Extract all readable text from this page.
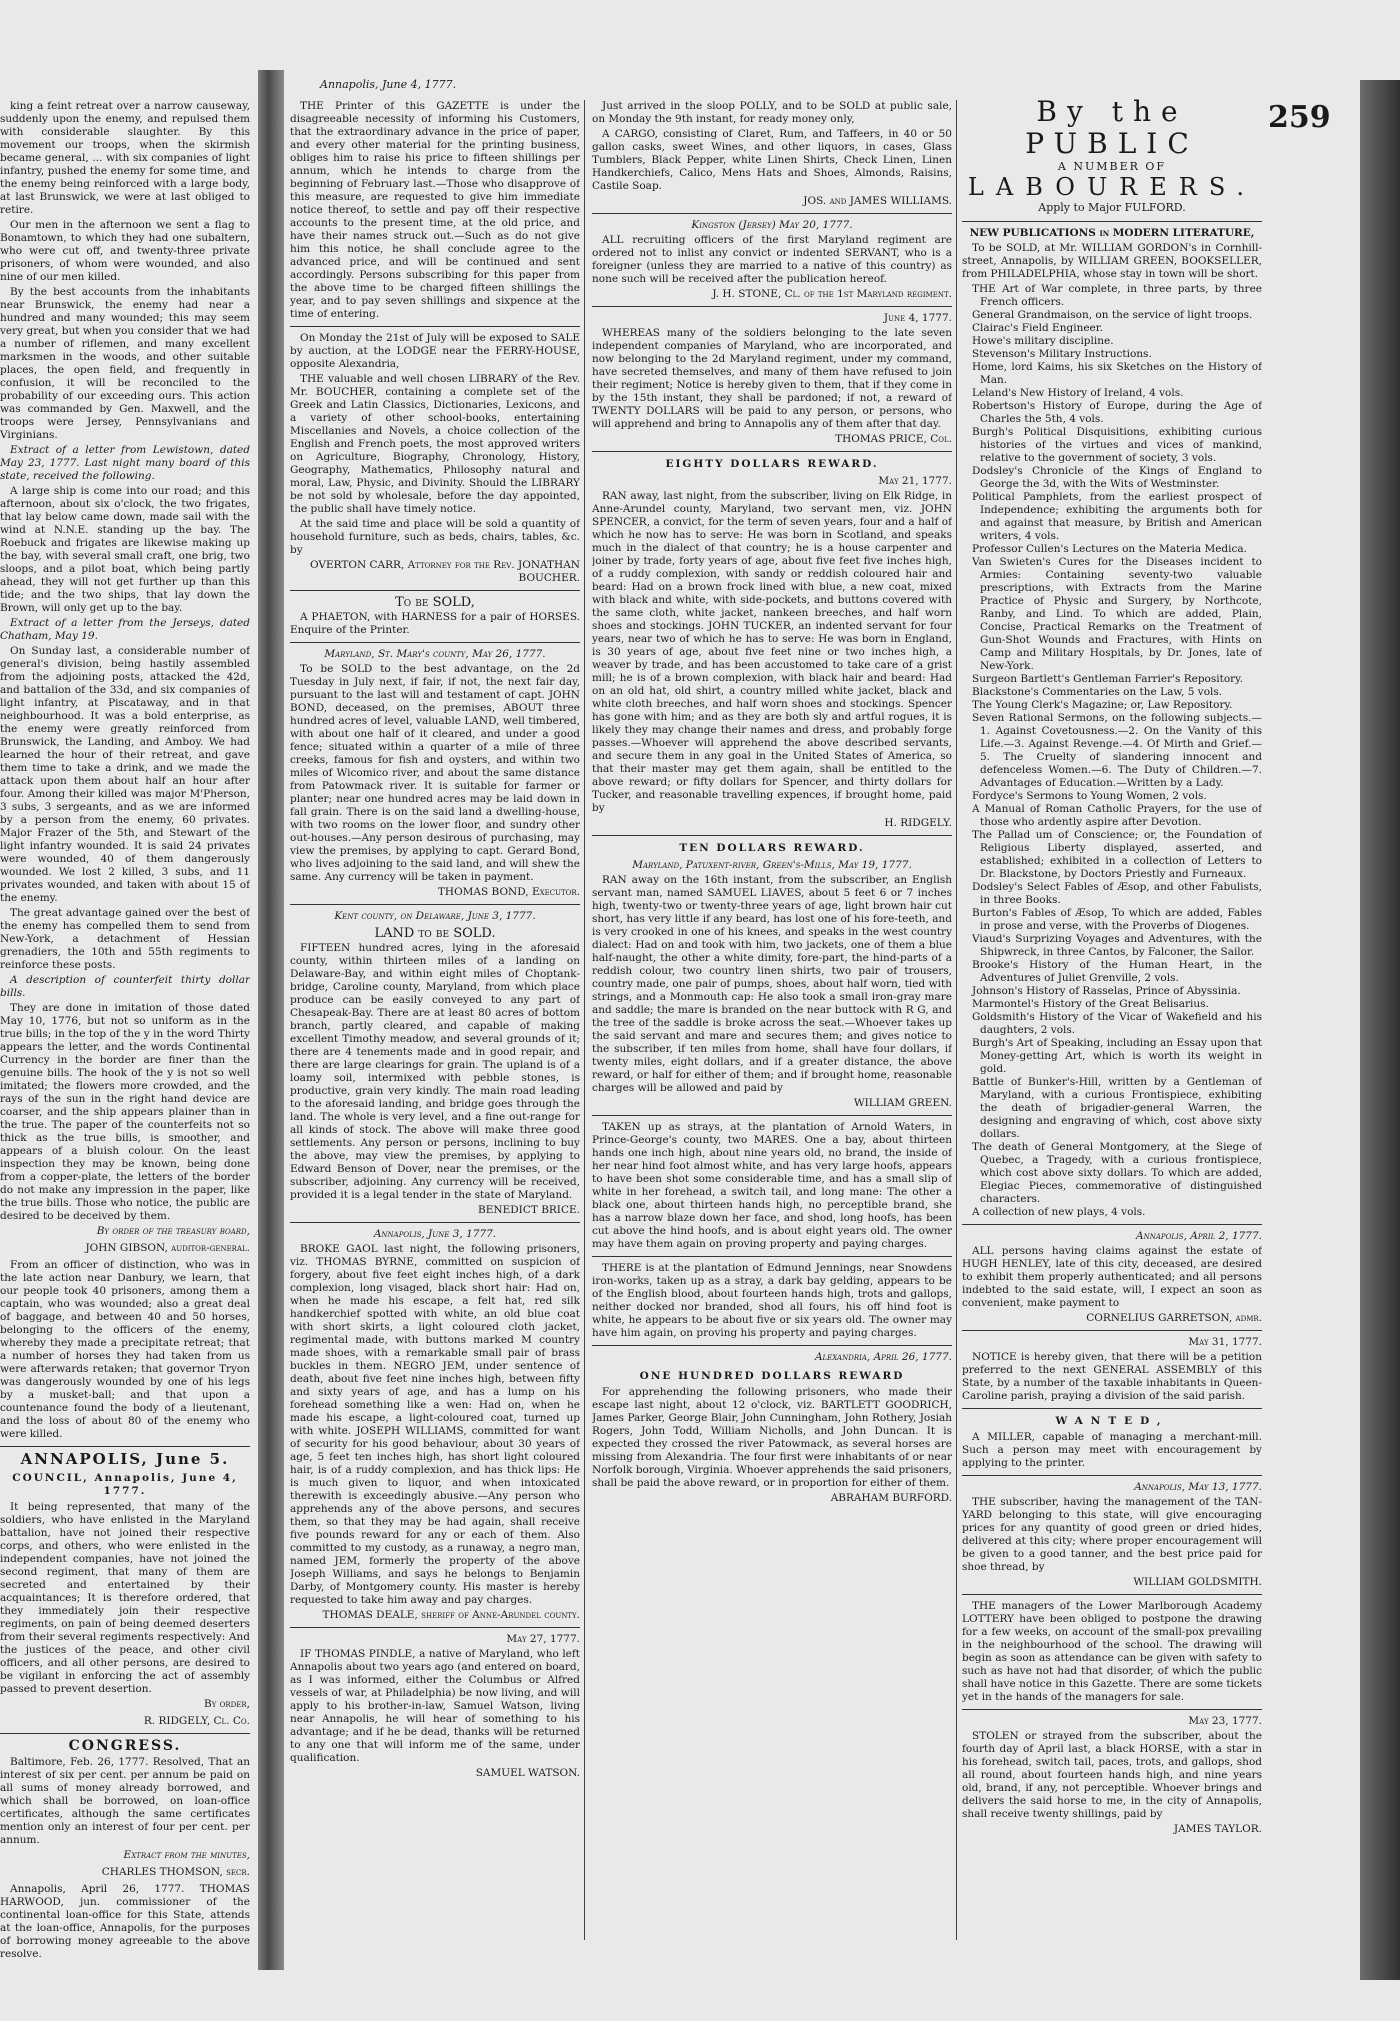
Annapolis, June 4, 1777.
259

king a feint retreat over a narrow causeway, suddenly upon the enemy, and repulsed them with considerable slaughter. By this movement our troops, when the skirmish became general, ... with six companies of light infantry, pushed the enemy for some time, and the enemy being reinforced with a large body, at last Brunswick, we were at last obliged to retire.

Our men in the afternoon we sent a flag to Bonamtown, to which they had one subaltern, who were cut off, and twenty-three private prisoners, of whom were wounded, and also nine of our men killed.

By the best accounts from the inhabitants near Brunswick, the enemy had near a hundred and many wounded; this may seem very great, but when you consider that we had a number of riflemen, and many excellent marksmen in the woods, and other suitable places, the open field, and frequently in confusion, it will be reconciled to the probability of our exceeding ours. This action was commanded by Gen. Maxwell, and the troops were Jersey, Pennsylvanians and Virginians.

Extract of a letter from Lewistown, dated May 23, 1777. Last night many board of this state, received the following.

A large ship is come into our road; and this afternoon, about six o'clock, the two frigates, that lay below came down, made sail with the wind at N.N.E. standing up the bay. The Roebuck and frigates are likewise making up the bay, with several small craft, one brig, two sloops, and a pilot boat, which being partly ahead, they will not get further up than this tide; and the two ships, that lay down the Brown, will only get up to the bay.

Extract of a letter from the Jerseys, dated Chatham, May 19.

On Sunday last, a considerable number of general's division, being hastily assembled from the adjoining posts, attacked the 42d, and battalion of the 33d, and six companies of light infantry, at Piscataway, and in that neighbourhood. It was a bold enterprise, as the enemy were greatly reinforced from Brunswick, the Landing, and Amboy. We had learned the hour of their retreat, and gave them time to take a drink, and we made the attack upon them about half an hour after four. Among their killed was major M'Pherson, 3 subs, 3 sergeants, and as we are informed by a person from the enemy, 60 privates. Major Frazer of the 5th, and Stewart of the light infantry wounded. It is said 24 privates were wounded, 40 of them dangerously wounded. We lost 2 killed, 3 subs, and 11 privates wounded, and taken with about 15 of the enemy.

The great advantage gained over the best of the enemy has compelled them to send from New-York, a detachment of Hessian grenadiers, the 10th and 55th regiments to reinforce these posts.

A description of counterfeit thirty dollar bills.

They are done in imitation of those dated May 10, 1776, but not so uniform as in the true bills; in the top of the y in the word Thirty appears the letter, and the words Continental Currency in the border are finer than the genuine bills. The hook of the y is not so well imitated; the flowers more crowded, and the rays of the sun in the right hand device are coarser, and the ship appears plainer than in the true. The paper of the counterfeits not so thick as the true bills, is smoother, and appears of a bluish colour. On the least inspection they may be known, being done from a copper-plate, the letters of the border do not make any impression in the paper, like the true bills. Those who notice, the public are desired to be deceived by them.

By order of the treasury board,

JOHN GIBSON, auditor-general.

From an officer of distinction, who was in the late action near Danbury, we learn, that our people took 40 prisoners, among them a captain, who was wounded; also a great deal of baggage, and between 40 and 50 horses, belonging to the officers of the enemy, whereby they made a precipitate retreat; that a number of horses they had taken from us were afterwards retaken; that governor Tryon was dangerously wounded by one of his legs by a musket-ball; and that upon a countenance found the body of a lieutenant, and the loss of about 80 of the enemy who were killed.

ANNAPOLIS, June 5.

COUNCIL, Annapolis, June 4, 1777.

It being represented, that many of the soldiers, who have enlisted in the Maryland battalion, have not joined their respective corps, and others, who were enlisted in the independent companies, have not joined the second regiment, that many of them are secreted and entertained by their acquaintances; It is therefore ordered, that they immediately join their respective regiments, on pain of being deemed deserters from their several regiments respectively: And the justices of the peace, and other civil officers, and all other persons, are desired to be vigilant in enforcing the act of assembly passed to prevent desertion.

By order,

R. RIDGELY, Cl. Co.

CONGRESS.

Baltimore, Feb. 26, 1777. Resolved, That an interest of six per cent. per annum be paid on all sums of money already borrowed, and which shall be borrowed, on loan-office certificates, although the same certificates mention only an interest of four per cent. per annum.

Extract from the minutes,

CHARLES THOMSON, secr.

Annapolis, April 26, 1777. THOMAS HARWOOD, jun. commissioner of the continental loan-office for this State, attends at the loan-office, Annapolis, for the purposes of borrowing money agreeable to the above resolve.

THE Printer of this GAZETTE is under the disagreeable necessity of informing his Customers, that the extraordinary advance in the price of paper, and every other material for the printing business, obliges him to raise his price to fifteen shillings per annum, which he intends to charge from the beginning of February last.—Those who disapprove of this measure, are requested to give him immediate notice thereof, to settle and pay off their respective accounts to the present time, at the old price, and have their names struck out.—Such as do not give him this notice, he shall conclude agree to the advanced price, and will be continued and sent accordingly. Persons subscribing for this paper from the above time to be charged fifteen shillings the year, and to pay seven shillings and sixpence at the time of entering.

On Monday the 21st of July will be exposed to SALE by auction, at the LODGE near the FERRY-HOUSE, opposite Alexandria,

THE valuable and well chosen LIBRARY of the Rev. Mr. BOUCHER, containing a complete set of the Greek and Latin Classics, Dictionaries, Lexicons, and a variety of other school-books, entertaining Miscellanies and Novels, a choice collection of the English and French poets, the most approved writers on Agriculture, Biography, Chronology, History, Geography, Mathematics, Philosophy natural and moral, Law, Physic, and Divinity. Should the LIBRARY be not sold by wholesale, before the day appointed, the public shall have timely notice.

At the said time and place will be sold a quantity of household furniture, such as beds, chairs, tables, &c. by

OVERTON CARR, Attorney for the Rev. JONATHAN BOUCHER.

To be SOLD,

A PHAETON, with HARNESS for a pair of HORSES. Enquire of the Printer.

Maryland, St. Mary's county, May 26, 1777.

To be SOLD to the best advantage, on the 2d Tuesday in July next, if fair, if not, the next fair day, pursuant to the last will and testament of capt. JOHN BOND, deceased, on the premises, ABOUT three hundred acres of level, valuable LAND, well timbered, with about one half of it cleared, and under a good fence; situated within a quarter of a mile of three creeks, famous for fish and oysters, and within two miles of Wicomico river, and about the same distance from Patowmack river. It is suitable for farmer or planter; near one hundred acres may be laid down in fall grain. There is on the said land a dwelling-house, with two rooms on the lower floor, and sundry other out-houses.—Any person desirous of purchasing, may view the premises, by applying to capt. Gerard Bond, who lives adjoining to the said land, and will shew the same. Any currency will be taken in payment.

THOMAS BOND, Executor.

Kent county, on Delaware, June 3, 1777.

LAND to be SOLD.

FIFTEEN hundred acres, lying in the aforesaid county, within thirteen miles of a landing on Delaware-Bay, and within eight miles of Choptank-bridge, Caroline county, Maryland, from which place produce can be easily conveyed to any part of Chesapeak-Bay. There are at least 80 acres of bottom branch, partly cleared, and capable of making excellent Timothy meadow, and several grounds of it; there are 4 tenements made and in good repair, and there are large clearings for grain. The upland is of a loamy soil, intermixed with pebble stones, is productive, grain very kindly. The main road leading to the aforesaid landing, and bridge goes through the land. The whole is very level, and a fine out-range for all kinds of stock. The above will make three good settlements. Any person or persons, inclining to buy the above, may view the premises, by applying to Edward Benson of Dover, near the premises, or the subscriber, adjoining. Any currency will be received, provided it is a legal tender in the state of Maryland.

BENEDICT BRICE.

Annapolis, June 3, 1777.

BROKE GAOL last night, the following prisoners, viz. THOMAS BYRNE, committed on suspicion of forgery, about five feet eight inches high, of a dark complexion, long visaged, black short hair: Had on, when he made his escape, a felt hat, red silk handkerchief spotted with white, an old blue coat with short skirts, a light coloured cloth jacket, regimental made, with buttons marked M country made shoes, with a remarkable small pair of brass buckles in them. NEGRO JEM, under sentence of death, about five feet nine inches high, between fifty and sixty years of age, and has a lump on his forehead something like a wen: Had on, when he made his escape, a light-coloured coat, turned up with white. JOSEPH WILLIAMS, committed for want of security for his good behaviour, about 30 years of age, 5 feet ten inches high, has short light coloured hair, is of a ruddy complexion, and has thick lips: He is much given to liquor, and when intoxicated therewith is exceedingly abusive.—Any person who apprehends any of the above persons, and secures them, so that they may be had again, shall receive five pounds reward for any or each of them. Also committed to my custody, as a runaway, a negro man, named JEM, formerly the property of the above Joseph Williams, and says he belongs to Benjamin Darby, of Montgomery county. His master is hereby requested to take him away and pay charges.

THOMAS DEALE, sheriff of Anne-Arundel county.

May 27, 1777.

IF THOMAS PINDLE, a native of Maryland, who left Annapolis about two years ago (and entered on board, as I was informed, either the Columbus or Alfred vessels of war, at Philadelphia) be now living, and will apply to his brother-in-law, Samuel Watson, living near Annapolis, he will hear of something to his advantage; and if he be dead, thanks will be returned to any one that will inform me of the same, under qualification.

SAMUEL WATSON.

Just arrived in the sloop POLLY, and to be SOLD at public sale, on Monday the 9th instant, for ready money only,

A CARGO, consisting of Claret, Rum, and Taffeers, in 40 or 50 gallon casks, sweet Wines, and other liquors, in cases, Glass Tumblers, Black Pepper, white Linen Shirts, Check Linen, Linen Handkerchiefs, Calico, Mens Hats and Shoes, Almonds, Raisins, Castile Soap.

JOS. and JAMES WILLIAMS.

Kingston (Jersey) May 20, 1777.

ALL recruiting officers of the first Maryland regiment are ordered not to inlist any convict or indented SERVANT, who is a foreigner (unless they are married to a native of this country) as none such will be received after the publication hereof.

J. H. STONE, Cl. of the 1st Maryland regiment.

June 4, 1777.

WHEREAS many of the soldiers belonging to the late seven independent companies of Maryland, who are incorporated, and now belonging to the 2d Maryland regiment, under my command, have secreted themselves, and many of them have refused to join their regiment; Notice is hereby given to them, that if they come in by the 15th instant, they shall be pardoned; if not, a reward of TWENTY DOLLARS will be paid to any person, or persons, who will apprehend and bring to Annapolis any of them after that day.

THOMAS PRICE, Col.

EIGHTY DOLLARS REWARD.

May 21, 1777.

RAN away, last night, from the subscriber, living on Elk Ridge, in Anne-Arundel county, Maryland, two servant men, viz. JOHN SPENCER, a convict, for the term of seven years, four and a half of which he now has to serve: He was born in Scotland, and speaks much in the dialect of that country; he is a house carpenter and joiner by trade, forty years of age, about five feet five inches high, of a ruddy complexion, with sandy or reddish coloured hair and beard: Had on a brown frock lined with blue, a new coat, mixed with black and white, with side-pockets, and buttons covered with the same cloth, white jacket, nankeen breeches, and half worn shoes and stockings. JOHN TUCKER, an indented servant for four years, near two of which he has to serve: He was born in England, is 30 years of age, about five feet nine or two inches high, a weaver by trade, and has been accustomed to take care of a grist mill; he is of a brown complexion, with black hair and beard: Had on an old hat, old shirt, a country milled white jacket, black and white cloth breeches, and half worn shoes and stockings. Spencer has gone with him; and as they are both sly and artful rogues, it is likely they may change their names and dress, and probably forge passes.—Whoever will apprehend the above described servants, and secure them in any goal in the United States of America, so that their master may get them again, shall be entitled to the above reward; or fifty dollars for Spencer, and thirty dollars for Tucker, and reasonable travelling expences, if brought home, paid by

H. RIDGELY.

TEN DOLLARS REWARD.

Maryland, Patuxent-river, Green's-Mills, May 19, 1777.

RAN away on the 16th instant, from the subscriber, an English servant man, named SAMUEL LIAVES, about 5 feet 6 or 7 inches high, twenty-two or twenty-three years of age, light brown hair cut short, has very little if any beard, has lost one of his fore-teeth, and is very crooked in one of his knees, and speaks in the west country dialect: Had on and took with him, two jackets, one of them a blue half-naught, the other a white dimity, fore-part, the hind-parts of a reddish colour, two country linen shirts, two pair of trousers, country made, one pair of pumps, shoes, about half worn, tied with strings, and a Monmouth cap: He also took a small iron-gray mare and saddle; the mare is branded on the near buttock with R G, and the tree of the saddle is broke across the seat.—Whoever takes up the said servant and mare and secures them; and gives notice to the subscriber, if ten miles from home, shall have four dollars, if twenty miles, eight dollars, and if a greater distance, the above reward, or half for either of them; and if brought home, reasonable charges will be allowed and paid by

WILLIAM GREEN.

TAKEN up as strays, at the plantation of Arnold Waters, in Prince-George's county, two MARES. One a bay, about thirteen hands one inch high, about nine years old, no brand, the inside of her near hind foot almost white, and has very large hoofs, appears to have been shot some considerable time, and has a small slip of white in her forehead, a switch tail, and long mane: The other a black one, about thirteen hands high, no perceptible brand, she has a narrow blaze down her face, and shod, long hoofs, has been cut above the hind hoofs, and is about eight years old. The owner may have them again on proving property and paying charges.

THERE is at the plantation of Edmund Jennings, near Snowdens iron-works, taken up as a stray, a dark bay gelding, appears to be of the English blood, about fourteen hands high, trots and gallops, neither docked nor branded, shod all fours, his off hind foot is white, he appears to be about five or six years old. The owner may have him again, on proving his property and paying charges.

Alexandria, April 26, 1777.

ONE HUNDRED DOLLARS REWARD

For apprehending the following prisoners, who made their escape last night, about 12 o'clock, viz. BARTLETT GOODRICH, James Parker, George Blair, John Cunningham, John Rothery, Josiah Rogers, John Todd, William Nicholls, and John Duncan. It is expected they crossed the river Patowmack, as several horses are missing from Alexandria. The four first were inhabitants of or near Norfolk borough, Virginia. Whoever apprehends the said prisoners, shall be paid the above reward, or in proportion for either of them.

ABRAHAM BURFORD.

By the PUBLIC
A NUMBER OF
LABOURERS.
Apply to Major FULFORD.

NEW PUBLICATIONS in MODERN LITERATURE,

To be SOLD, at Mr. WILLIAM GORDON's in Cornhill-street, Annapolis, by WILLIAM GREEN, BOOKSELLER, from PHILADELPHIA, whose stay in town will be short.

THE Art of War complete, in three parts, by three French officers.
General Grandmaison, on the service of light troops.
Clairac's Field Engineer.
Howe's military discipline.
Stevenson's Military Instructions.
Home, lord Kaims, his six Sketches on the History of Man.
Leland's New History of Ireland, 4 vols.
Robertson's History of Europe, during the Age of Charles the 5th, 4 vols.
Burgh's Political Disquisitions, exhibiting curious histories of the virtues and vices of mankind, relative to the government of society, 3 vols.
Dodsley's Chronicle of the Kings of England to George the 3d, with the Wits of Westminster.
Political Pamphlets, from the earliest prospect of Independence; exhibiting the arguments both for and against that measure, by British and American writers, 4 vols.
Professor Cullen's Lectures on the Materia Medica.
Van Swieten's Cures for the Diseases incident to Armies: Containing seventy-two valuable prescriptions, with Extracts from the Marine Practice of Physic and Surgery, by Northcote, Ranby, and Lind. To which are added, Plain, Concise, Practical Remarks on the Treatment of Gun-Shot Wounds and Fractures, with Hints on Camp and Military Hospitals, by Dr. Jones, late of New-York.
Surgeon Bartlett's Gentleman Farrier's Repository.
Blackstone's Commentaries on the Law, 5 vols.
The Young Clerk's Magazine; or, Law Repository.
Seven Rational Sermons, on the following subjects.—1. Against Covetousness.—2. On the Vanity of this Life.—3. Against Revenge.—4. Of Mirth and Grief.—5. The Cruelty of slandering innocent and defenceless Women.—6. The Duty of Children.—7. Advantages of Education.—Written by a Lady.
Fordyce's Sermons to Young Women, 2 vols.
A Manual of Roman Catholic Prayers, for the use of those who ardently aspire after Devotion.
The Pallad um of Conscience; or, the Foundation of Religious Liberty displayed, asserted, and established; exhibited in a collection of Letters to Dr. Blackstone, by Doctors Priestly and Furneaux.
Dodsley's Select Fables of Æsop, and other Fabulists, in three Books.
Burton's Fables of Æsop, To which are added, Fables in prose and verse, with the Proverbs of Diogenes.
Viaud's Surprizing Voyages and Adventures, with the Shipwreck, in three Cantos, by Falconer, the Sailor.
Brooke's History of the Human Heart, in the Adventures of Juliet Grenville, 2 vols.
Johnson's History of Rasselas, Prince of Abyssinia.
Marmontel's History of the Great Belisarius.
Goldsmith's History of the Vicar of Wakefield and his daughters, 2 vols.
Burgh's Art of Speaking, including an Essay upon that Money-getting Art, which is worth its weight in gold.
Battle of Bunker's-Hill, written by a Gentleman of Maryland, with a curious Frontispiece, exhibiting the death of brigadier-general Warren, the designing and engraving of which, cost above sixty dollars.
The death of General Montgomery, at the Siege of Quebec, a Tragedy, with a curious frontispiece, which cost above sixty dollars. To which are added, Elegiac Pieces, commemorative of distinguished characters.
A collection of new plays, 4 vols.

Annapolis, April 2, 1777.

ALL persons having claims against the estate of HUGH HENLEY, late of this city, deceased, are desired to exhibit them properly authenticated; and all persons indebted to the said estate, will, I expect an soon as convenient, make payment to

CORNELIUS GARRETSON, admr.

May 31, 1777.

NOTICE is hereby given, that there will be a petition preferred to the next GENERAL ASSEMBLY of this State, by a number of the taxable inhabitants in Queen-Caroline parish, praying a division of the said parish.

WANTED,

A MILLER, capable of managing a merchant-mill. Such a person may meet with encouragement by applying to the printer.

Annapolis, May 13, 1777.

THE subscriber, having the management of the TAN-YARD belonging to this state, will give encouraging prices for any quantity of good green or dried hides, delivered at this city; where proper encouragement will be given to a good tanner, and the best price paid for shoe thread, by

WILLIAM GOLDSMITH.

THE managers of the Lower Marlborough Academy LOTTERY have been obliged to postpone the drawing for a few weeks, on account of the small-pox prevailing in the neighbourhood of the school. The drawing will begin as soon as attendance can be given with safety to such as have not had that disorder, of which the public shall have notice in this Gazette. There are some tickets yet in the hands of the managers for sale.

May 23, 1777.

STOLEN or strayed from the subscriber, about the fourth day of April last, a black HORSE, with a star in his forehead, switch tail, paces, trots, and gallops, shod all round, about fourteen hands high, and nine years old, brand, if any, not perceptible. Whoever brings and delivers the said horse to me, in the city of Annapolis, shall receive twenty shillings, paid by

JAMES TAYLOR.
